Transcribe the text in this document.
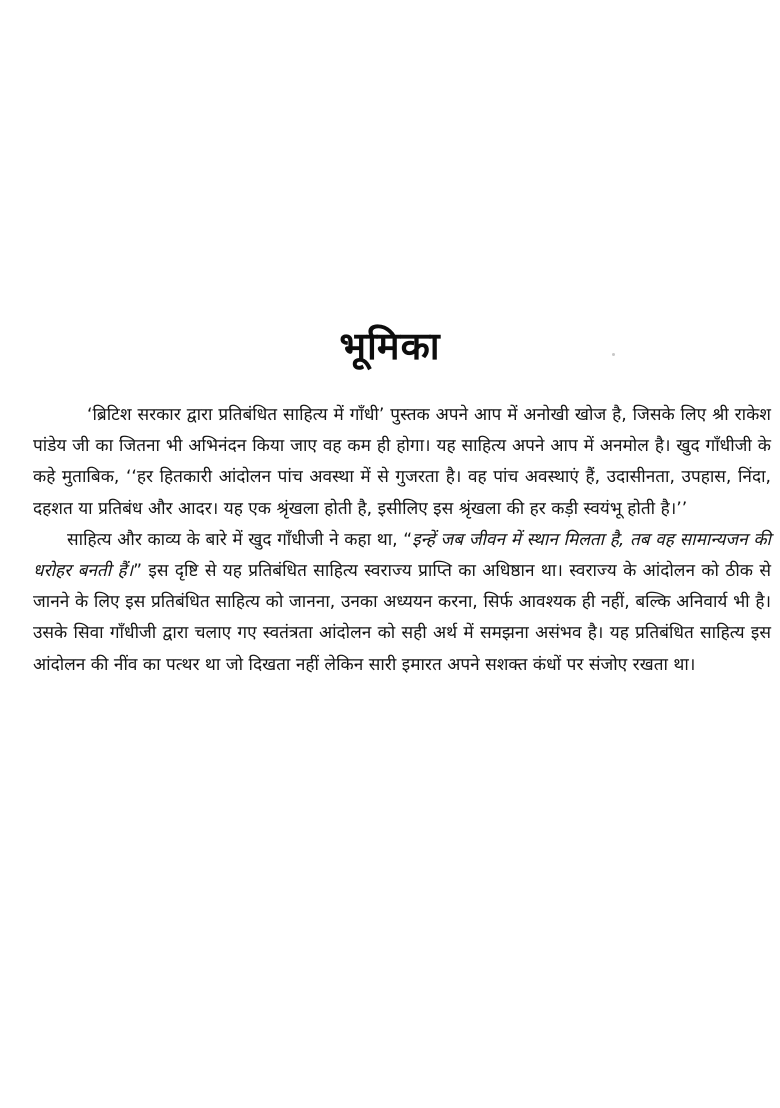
भूमिका

‘ब्रिटिश सरकार द्वारा प्रतिबंधित साहित्य में गाँधी’ पुस्तक अपने आप में अनोखी खोज है, जिसके लिए श्री राकेश पांडेय जी का जितना भी अभिनंदन किया जाए वह कम ही होगा। यह साहित्य अपने आप में अनमोल है। खुद गाँधीजी के कहे मुताबिक, ‘‘हर हितकारी आंदोलन पांच अवस्था में से गुजरता है। वह पांच अवस्थाएं हैं, उदासीनता, उपहास, निंदा, दहशत या प्रतिबंध और आदर। यह एक श्रृंखला होती है, इसीलिए इस श्रृंखला की हर कड़ी स्वयंभू होती है।’’

साहित्य और काव्य के बारे में खुद गाँधीजी ने कहा था, “इन्हें जब जीवन में स्थान मिलता है, तब वह सामान्यजन की धरोहर बनती हैं।” इस दृष्टि से यह प्रतिबंधित साहित्य स्वराज्य प्राप्ति का अधिष्ठान था। स्वराज्य के आंदोलन को ठीक से जानने के लिए इस प्रतिबंधित साहित्य को जानना, उनका अध्ययन करना, सिर्फ आवश्यक ही नहीं, बल्कि अनिवार्य भी है। उसके सिवा गाँधीजी द्वारा चलाए गए स्वतंत्रता आंदोलन को सही अर्थ में समझना असंभव है। यह प्रतिबंधित साहित्य इस आंदोलन की नींव का पत्थर था जो दिखता नहीं लेकिन सारी इमारत अपने सशक्त कंधों पर संजोए रखता था।
